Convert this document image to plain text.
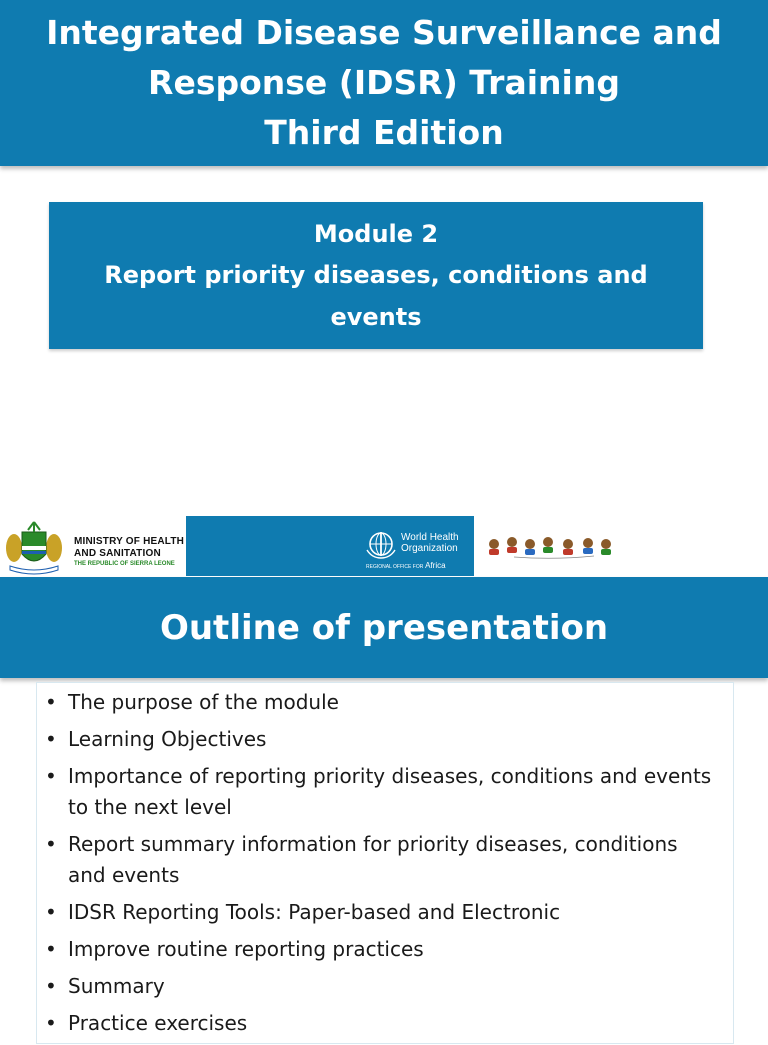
Integrated Disease Surveillance and
Response (IDSR) Training
Third Edition
Module 2
Report priority diseases, conditions and events
MINISTRY OF HEALTH
AND SANITATION
THE REPUBLIC OF SIERRA LEONE
World Health
Organization
REGIONAL OFFICE FOR Africa
Outline of presentation
• The purpose of the module
• Learning Objectives
• Importance of reporting priority diseases, conditions and events to the next level
• Report summary information for priority diseases, conditions and events
• IDSR Reporting Tools: Paper-based and Electronic
• Improve routine reporting practices
• Summary
• Practice exercises
